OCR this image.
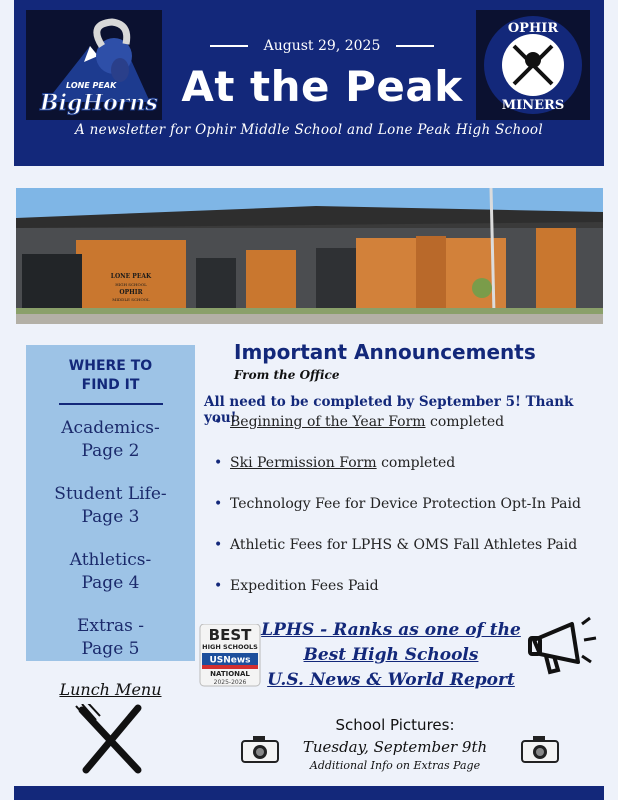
LONE PEAK
BigHorns
August 29, 2025
At the Peak
OPHIR
MINERS
A newsletter for Ophir Middle School and Lone Peak High School
LONE PEAK
HIGH SCHOOL
OPHIR
MIDDLE SCHOOL
WHERE TO FIND IT
Academics- Page 2
Student Life- Page 3
Athletics- Page 4
Extras - Page 5
Lunch Menu
Important Announcements
From the Office
All need to be completed by September 5! Thank you!
• Beginning of the Year Form completed
• Ski Permission Form completed
• Technology Fee for Device Protection Opt-In Paid
• Athletic Fees for LPHS & OMS Fall Athletes Paid
• Expedition Fees Paid
BEST
HIGH SCHOOLS
USNews
NATIONAL
2025-2026
LPHS - Ranks as one of the
Best High Schools
U.S. News & World Report
School Pictures:
Tuesday, September 9th
Additional Info on Extras Page
